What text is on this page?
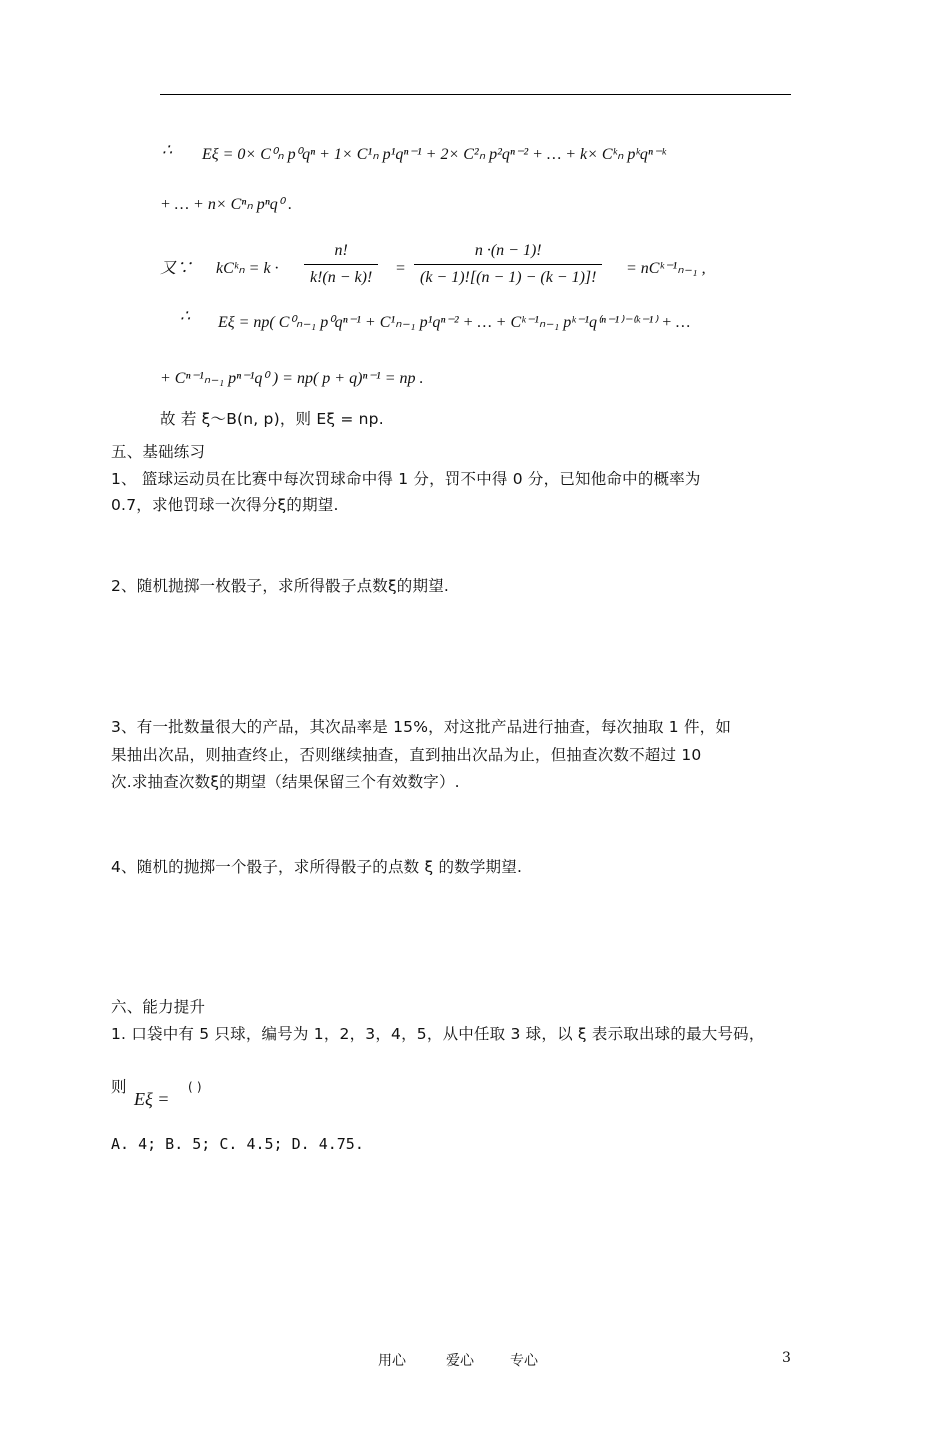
∴ Eξ = 0× C⁰ₙ p⁰qⁿ + 1× C¹ₙ p¹qⁿ⁻¹ + 2× C²ₙ p²qⁿ⁻² + … + k× Cᵏₙ pᵏqⁿ⁻ᵏ
+ … + n× Cⁿₙ pⁿq⁰ .
又∵ kCᵏₙ = $k \cdot \frac{n!}{k!(n - k)!} = \frac{n \cdot(n - 1)!}{(k - 1)![(n - 1) - (k - 1)]!}$ = nCᵏ⁻¹ₙ₋₁ ,
∴ Eξ = np( C⁰ₙ₋₁ p⁰qⁿ⁻¹ + C¹ₙ₋₁ p¹qⁿ⁻² + … + Cᵏ⁻¹ₙ₋₁ pᵏ⁻¹q⁽ⁿ⁻¹⁾⁻⁽ᵏ⁻¹⁾ + …
+ Cⁿ⁻¹ₙ₋₁ pⁿ⁻¹q⁰ ) = np( p + q)ⁿ⁻¹ = np .
故 若 ξ～B(n, p)，则 Eξ = np.
五、基础练习
1、 篮球运动员在比赛中每次罚球命中得 1 分，罚不中得 0 分，已知他命中的概率为
0.7，求他罚球一次得分ξ的期望.
2、随机抛掷一枚骰子，求所得骰子点数ξ的期望.
3、有一批数量很大的产品，其次品率是 15%，对这批产品进行抽查，每次抽取 1 件，如
果抽出次品，则抽查终止，否则继续抽查，直到抽出次品为止，但抽查次数不超过 10
次.求抽查次数ξ的期望（结果保留三个有效数字）.
4、随机的抛掷一个骰子，求所得骰子的点数 ξ 的数学期望.
六、能力提升
1. 口袋中有 5 只球，编号为 1，2，3，4，5，从中任取 3 球，以 ξ 表示取出球的最大号码，
则
Eξ =
( )
A. 4; B. 5; C. 4.5; D. 4.75.
用心	爱心	专心	3
